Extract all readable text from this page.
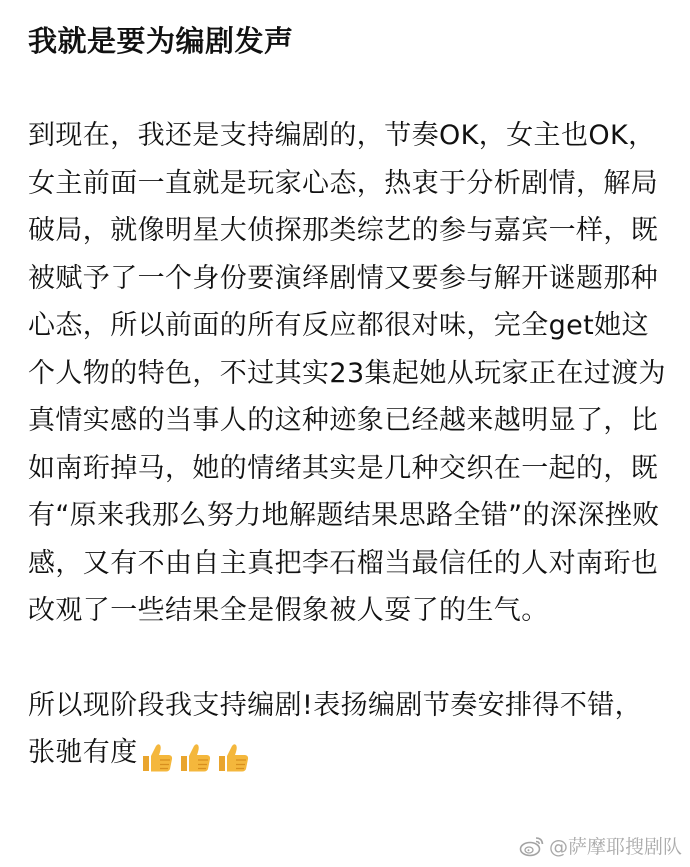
我就是要为编剧发声

到现在，我还是支持编剧的，节奏OK，女主也OK，女主前面一直就是玩家心态，热衷于分析剧情，解局破局，就像明星大侦探那类综艺的参与嘉宾一样，既被赋予了一个身份要演绎剧情又要参与解开谜题那种心态，所以前面的所有反应都很对味，完全get她这个人物的特色，不过其实23集起她从玩家正在过渡为真情实感的当事人的这种迹象已经越来越明显了，比如南珩掉马，她的情绪其实是几种交织在一起的，既有“原来我那么努力地解题结果思路全错”的深深挫败感，又有不由自主真把李石榴当最信任的人对南珩也改观了一些结果全是假象被人耍了的生气。

所以现阶段我支持编剧!表扬编剧节奏安排得不错，张驰有度

@萨摩耶搜剧队
